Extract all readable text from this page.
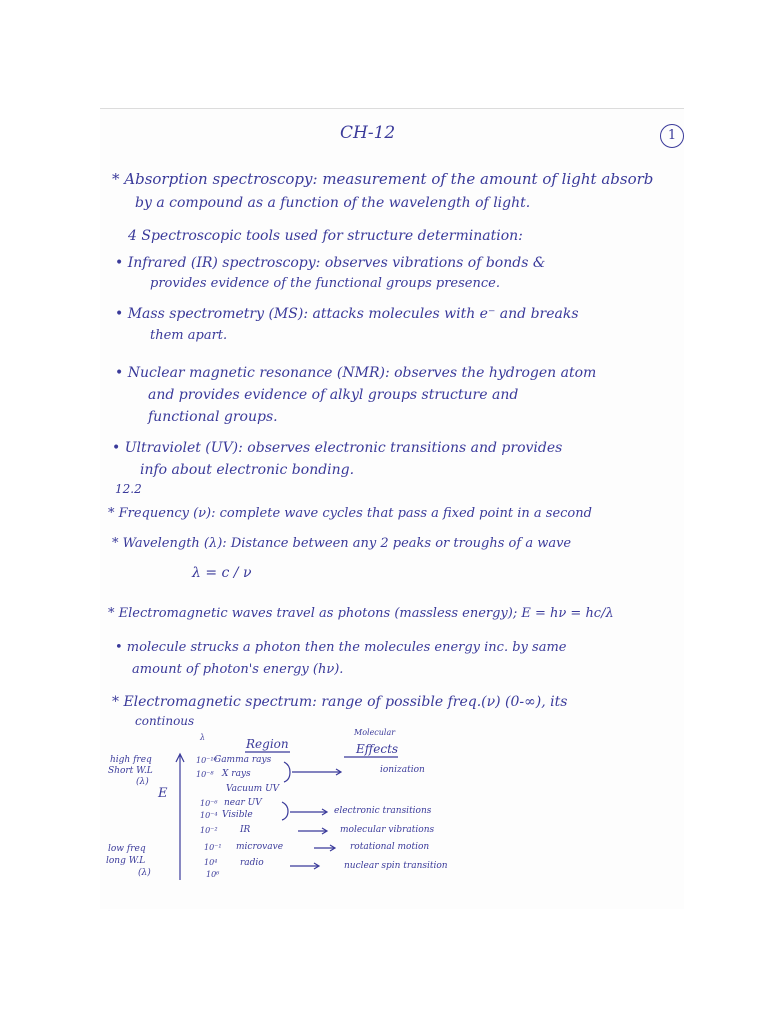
CH-12	1
* Absorption spectroscopy: measurement of the amount of light absorb
by a compound as a function of the wavelength of light.
4 Spectroscopic tools used for structure determination:
• Infrared (IR) spectroscopy: observes vibrations of bonds &
provides evidence of the functional groups presence.
• Mass spectrometry (MS): attacks molecules with e⁻ and breaks
them apart.
• Nuclear magnetic resonance (NMR): observes the hydrogen atom
and provides evidence of alkyl groups structure and
functional groups.
• Ultraviolet (UV): observes electronic transitions and provides
info about electronic bonding.
12.2
* Frequency (ν): complete wave cycles that pass a fixed point in a second
* Wavelength (λ): Distance between any 2 peaks or troughs of a wave
λ = c / ν
* Electromagnetic waves travel as photons (massless energy); E = hν = hc/λ
• molecule strucks a photon then the molecules energy inc. by same
amount of photon's energy (hν).
* Electromagnetic spectrum: range of possible freq.(ν) (0-∞), its
continous
λ	Region
Molecular
Effects
high freq
Short W.L
(λ)
E
low freq
long W.L
(λ)
10⁻¹⁰
Gamma rays
10⁻⁸ X rays	ionization
Vacuum UV
10⁻⁶ near UV
10⁻⁴ Visible	electronic transitions
10⁻² IR	molecular vibrations
10⁻¹ microvave	rotational motion
10⁴	radio	nuclear spin transition
10⁶
